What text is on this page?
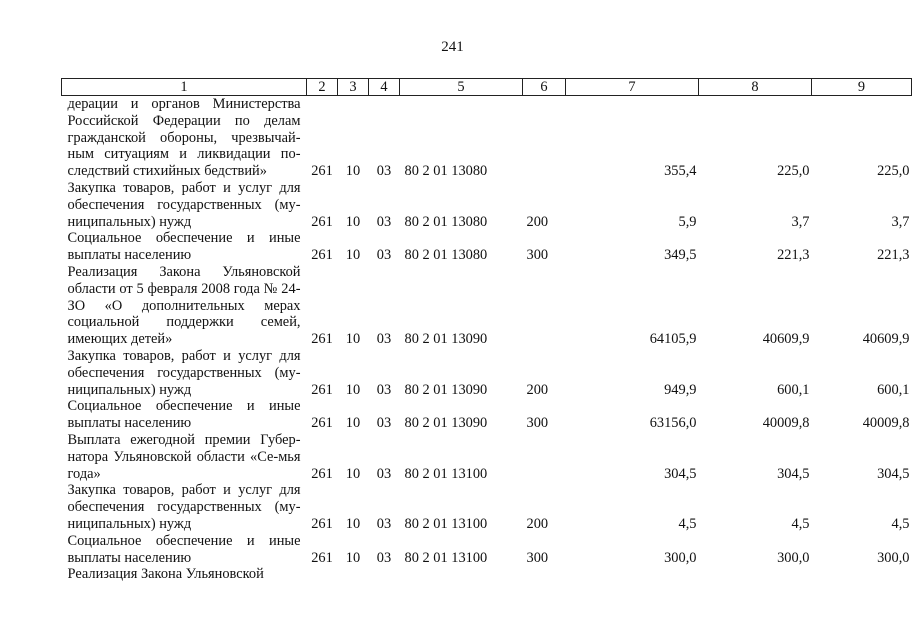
241
1	2	3	4	5	6	7	8	9
дерации и органов Министерства Российской Федерации по делам гражданской обороны, чрезвычай-ным ситуациям и ликвидации по-следствий стихийных бедствий»	261	10	03	80 2 01 13080		355,4	225,0	225,0
Закупка товаров, работ и услуг для обеспечения государственных (му-ниципальных) нужд	261	10	03	80 2 01 13080	200	5,9	3,7	3,7
Социальное обеспечение и иные выплаты населению	261	10	03	80 2 01 13080	300	349,5	221,3	221,3
Реализация Закона Ульяновской области от 5 февраля 2008 года № 24-ЗО «О дополнительных мерах социальной поддержки семей, имеющих детей»	261	10	03	80 2 01 13090		64105,9	40609,9	40609,9
Закупка товаров, работ и услуг для обеспечения государственных (му-ниципальных) нужд	261	10	03	80 2 01 13090	200	949,9	600,1	600,1
Социальное обеспечение и иные выплаты населению	261	10	03	80 2 01 13090	300	63156,0	40009,8	40009,8
Выплата ежегодной премии Губер-натора Ульяновской области «Се-мья года»	261	10	03	80 2 01 13100		304,5	304,5	304,5
Закупка товаров, работ и услуг для обеспечения государственных (му-ниципальных) нужд	261	10	03	80 2 01 13100	200	4,5	4,5	4,5
Социальное обеспечение и иные выплаты населению	261	10	03	80 2 01 13100	300	300,0	300,0	300,0
Реализация Закона Ульяновской								
